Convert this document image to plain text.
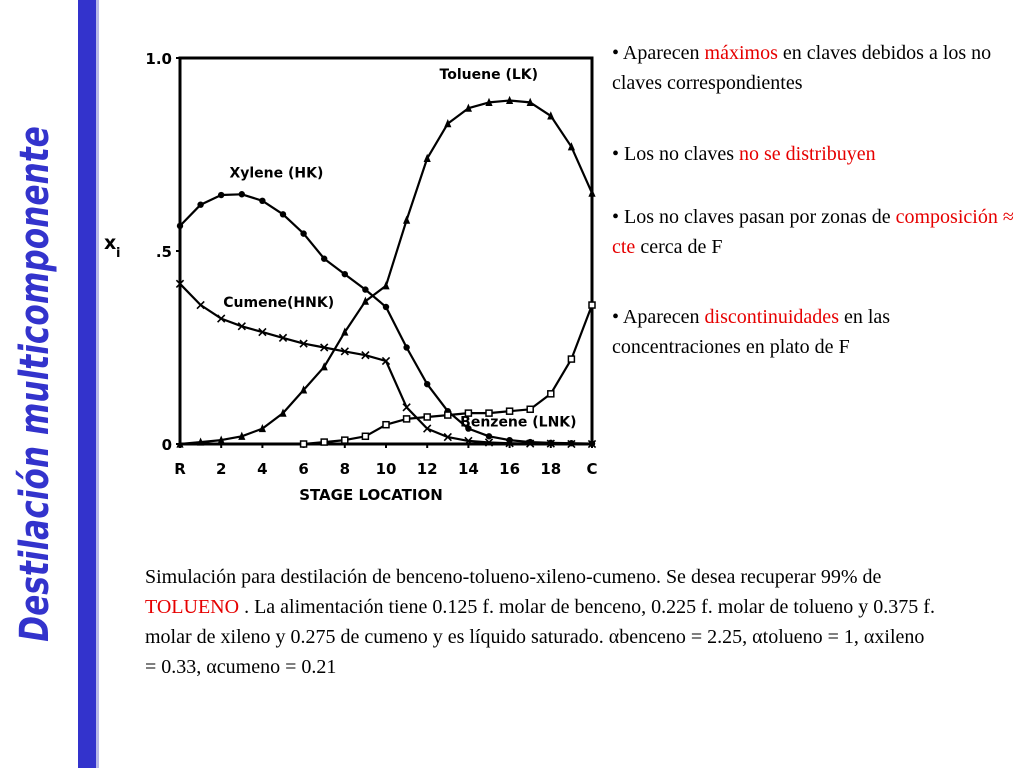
Destilación multicomponente
1.0
.5
0
R 2 4 6 8 10 12 14 16 18 C
STAGE LOCATION
x i
Toluene (LK)
Xylene (HK)
Cumene(HNK)
Benzene (LNK)
• Aparecen máximos en claves debidos a los no claves correspondientes
• Los no claves no se distribuyen
• Los no claves pasan por zonas de composición ≈ cte cerca de F
• Aparecen discontinuidades en las concentraciones en plato de F
Simulación para destilación de benceno-tolueno-xileno-cumeno. Se desea recuperar 99% de TOLUENO . La alimentación tiene 0.125 f. molar de benceno, 0.225 f. molar de tolueno y 0.375 f. molar de xileno y 0.275 de cumeno y es líquido saturado. αbenceno = 2.25, αtolueno = 1, αxileno = 0.33, αcumeno = 0.21
